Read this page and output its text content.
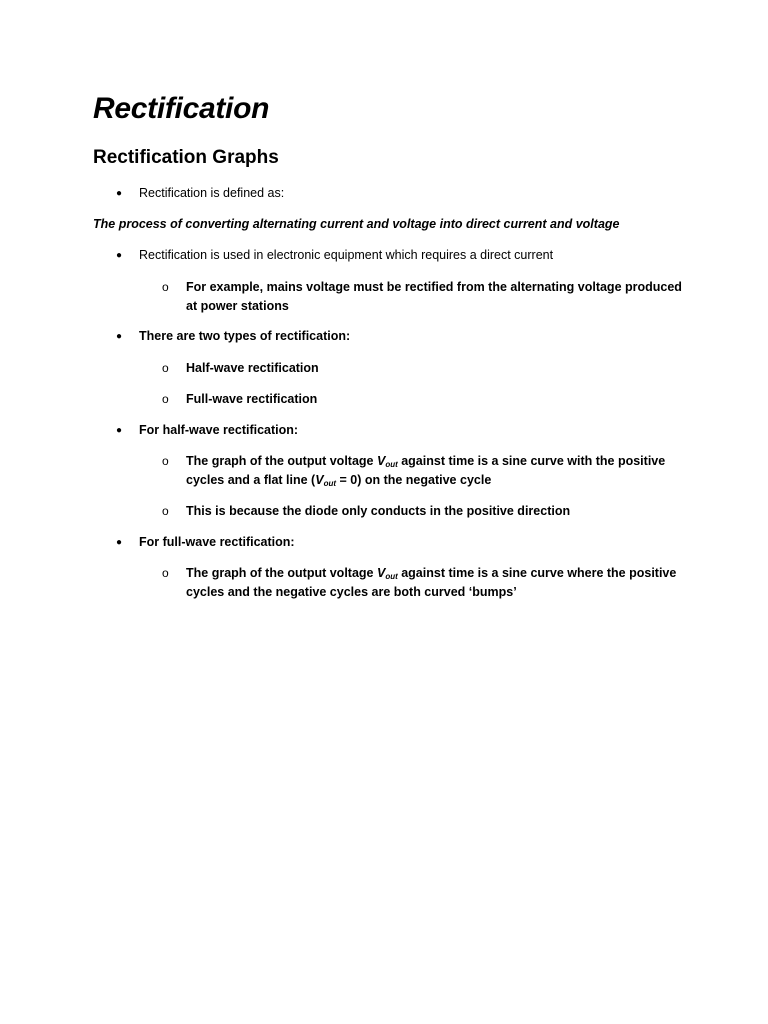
Rectification
Rectification Graphs
● Rectification is defined as:
The process of converting alternating current and voltage into direct current and voltage
● Rectification is used in electronic equipment which requires a direct current
o For example, mains voltage must be rectified from the alternating voltage produced
at power stations
● There are two types of rectification:
o Half-wave rectification
o Full-wave rectification
● For half-wave rectification:
o The graph of the output voltage $V_{out}$ against time is a sine curve with the positive
cycles and a flat line $(V_{out} = 0)$ on the negative cycle
o This is because the diode only conducts in the positive direction
● For full-wave rectification:
o The graph of the output voltage $V_{out}$ against time is a sine curve where the positive
cycles and the negative cycles are both curved ‘bumps’
